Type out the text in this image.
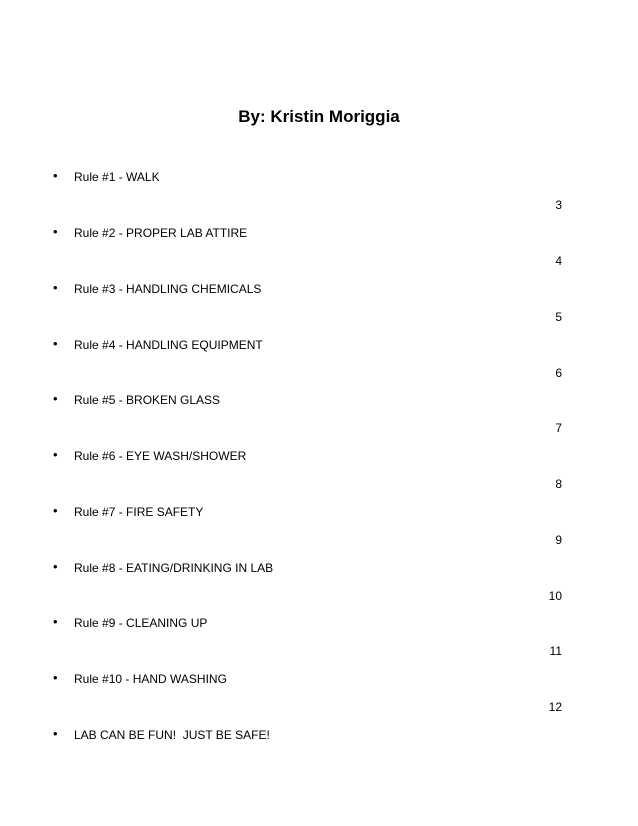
By: Kristin Moriggia
• Rule #1 - WALK
3
• Rule #2 - PROPER LAB ATTIRE
4
• Rule #3 - HANDLING CHEMICALS
5
• Rule #4 - HANDLING EQUIPMENT
6
• Rule #5 - BROKEN GLASS
7
• Rule #6 - EYE WASH/SHOWER
8
• Rule #7 - FIRE SAFETY
9
• Rule #8 - EATING/DRINKING IN LAB
10
• Rule #9 - CLEANING UP
11
• Rule #10 - HAND WASHING
12
• LAB CAN BE FUN!  JUST BE SAFE!
